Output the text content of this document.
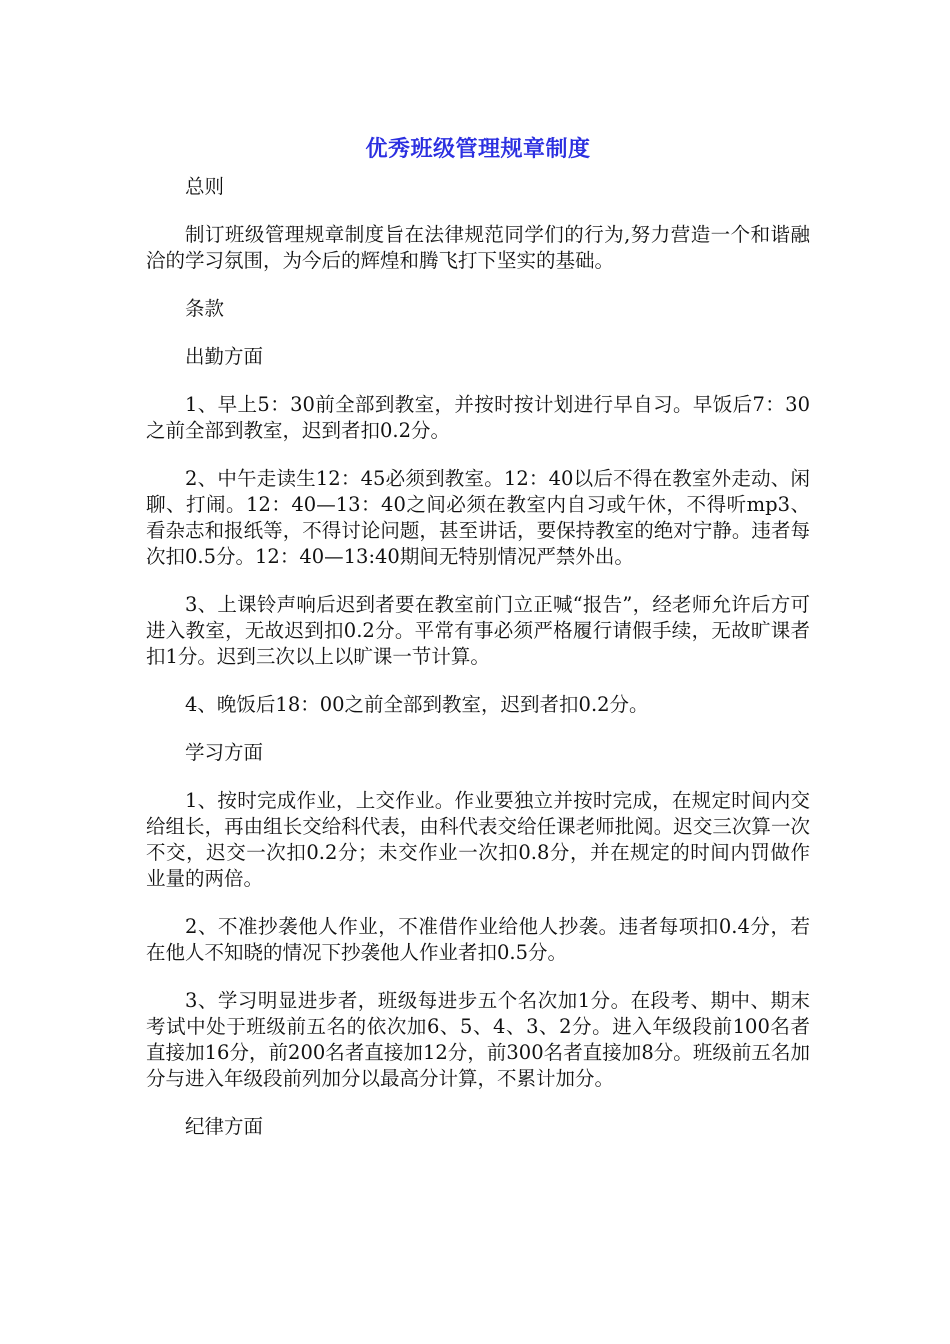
优秀班级管理规章制度
总则
制订班级管理规章制度旨在法律规范同学们的行为,努力营造一个和谐融洽的学习氛围，为今后的辉煌和腾飞打下坚实的基础。
条款
出勤方面
1、早上5：30前全部到教室，并按时按计划进行早自习。早饭后7：30之前全部到教室，迟到者扣0.2分。
2、中午走读生12：45必须到教室。12：40以后不得在教室外走动、闲聊、打闹。12：40—13：40之间必须在教室内自习或午休，不得听mp3、看杂志和报纸等，不得讨论问题，甚至讲话，要保持教室的绝对宁静。违者每次扣0.5分。12：40—13:40期间无特别情况严禁外出。
3、上课铃声响后迟到者要在教室前门立正喊“报告”，经老师允许后方可进入教室，无故迟到扣0.2分。平常有事必须严格履行请假手续，无故旷课者扣1分。迟到三次以上以旷课一节计算。
4、晚饭后18：00之前全部到教室，迟到者扣0.2分。
学习方面
1、按时完成作业，上交作业。作业要独立并按时完成，在规定时间内交给组长，再由组长交给科代表，由科代表交给任课老师批阅。迟交三次算一次不交，迟交一次扣0.2分；未交作业一次扣0.8分，并在规定的时间内罚做作业量的两倍。
2、不准抄袭他人作业，不准借作业给他人抄袭。违者每项扣0.4分，若在他人不知晓的情况下抄袭他人作业者扣0.5分。
3、学习明显进步者，班级每进步五个名次加1分。在段考、期中、期末考试中处于班级前五名的依次加6、5、4、3、2分。进入年级段前100名者直接加16分，前200名者直接加12分，前300名者直接加8分。班级前五名加分与进入年级段前列加分以最高分计算，不累计加分。
纪律方面
